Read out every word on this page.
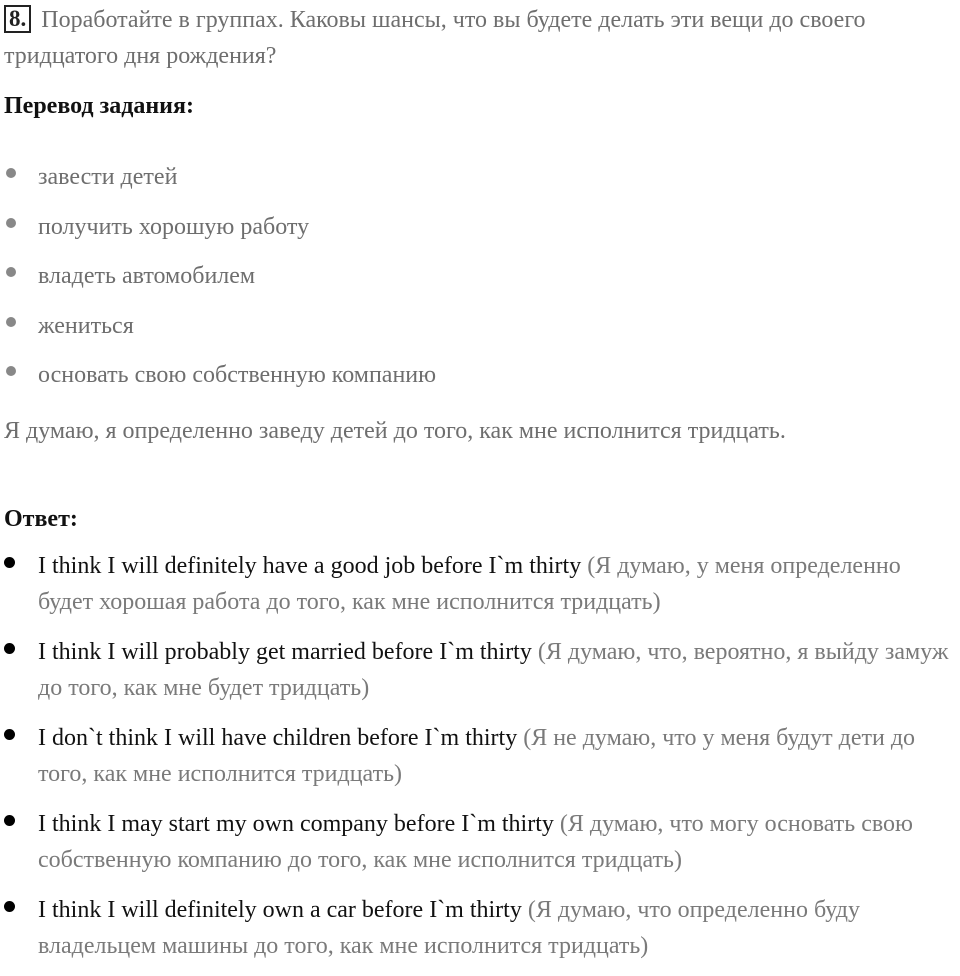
8. Поработайте в группах. Каковы шансы, что вы будете делать эти вещи до своего тридцатого дня рождения?
Перевод задания:
завести детей
получить хорошую работу
владеть автомобилем
жениться
основать свою собственную компанию
Я думаю, я определенно заведу детей до того, как мне исполнится тридцать.
Ответ:
I think I will definitely have a good job before I`m thirty (Я думаю, у меня определенно будет хорошая работа до того, как мне исполнится тридцать)
I think I will probably get married before I`m thirty (Я думаю, что, вероятно, я выйду замуж до того, как мне будет тридцать)
I don`t think I will have children before I`m thirty (Я не думаю, что у меня будут дети до того, как мне исполнится тридцать)
I think I may start my own company before I`m thirty (Я думаю, что могу основать свою собственную компанию до того, как мне исполнится тридцать)
I think I will definitely own a car before I`m thirty (Я думаю, что определенно буду владельцем машины до того, как мне исполнится тридцать)
